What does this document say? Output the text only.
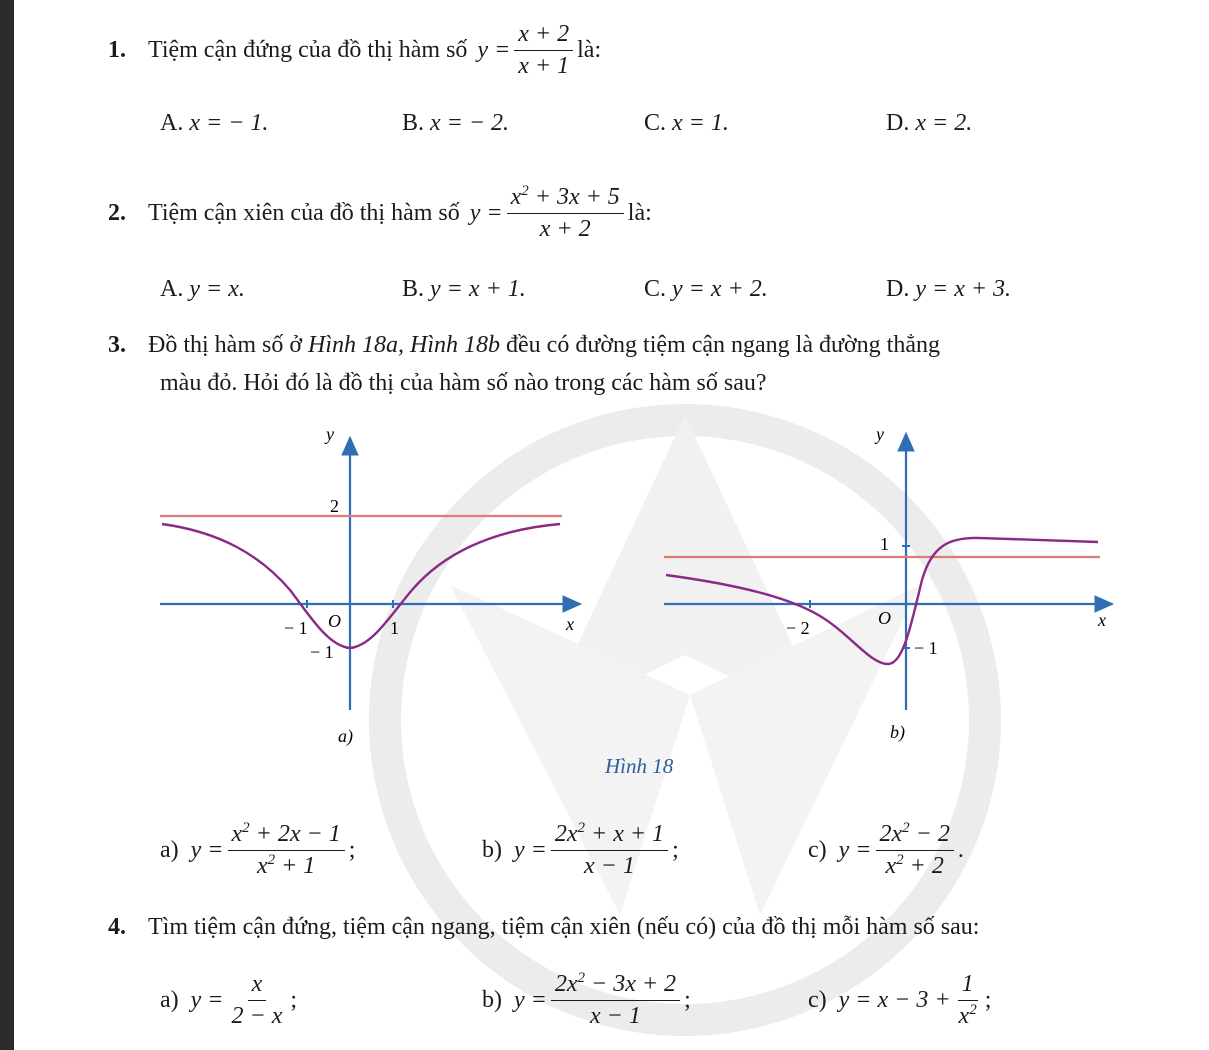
1. Tiệm cận đứng của đồ thị hàm số $y = \frac{x + 2}{x + 1}$ là:
A. x = − 1.	B. x = − 2.	C. x = 1.	D. x = 2.
2. Tiệm cận xiên của đồ thị hàm số $y = \frac{x^2 + 3x + 5}{x + 2}$ là:
A. y = x.	B. y = x + 1.	C. y = x + 2.	D. y = x + 3.
3. Đồ thị hàm số ở Hình 18a, Hình 18b đều có đường tiệm cận ngang là đường thẳng
màu đỏ. Hỏi đó là đồ thị của hàm số nào trong các hàm số sau?
y
2
x
− 1 O	1
− 1
a)
y
1
x
− 2	O
− 1
b)
Hình 18
a) $y = \frac{x^2 + 2x - 1}{x^2 + 1}$ ;	b) $y = \frac{2x^2 + x + 1}{x - 1}$ ;	c) $y = \frac{2x^2 - 2}{x^2 + 2}$ .
4. Tìm tiệm cận đứng, tiệm cận ngang, tiệm cận xiên (nếu có) của đồ thị mỗi hàm số sau:
a) $y = \frac{x}{2 - x}$ ;	b) $y = \frac{2x^2 - 3x + 2}{x - 1}$ ;	c) $y = x - 3 + \frac{1}{x^2}$ ;
